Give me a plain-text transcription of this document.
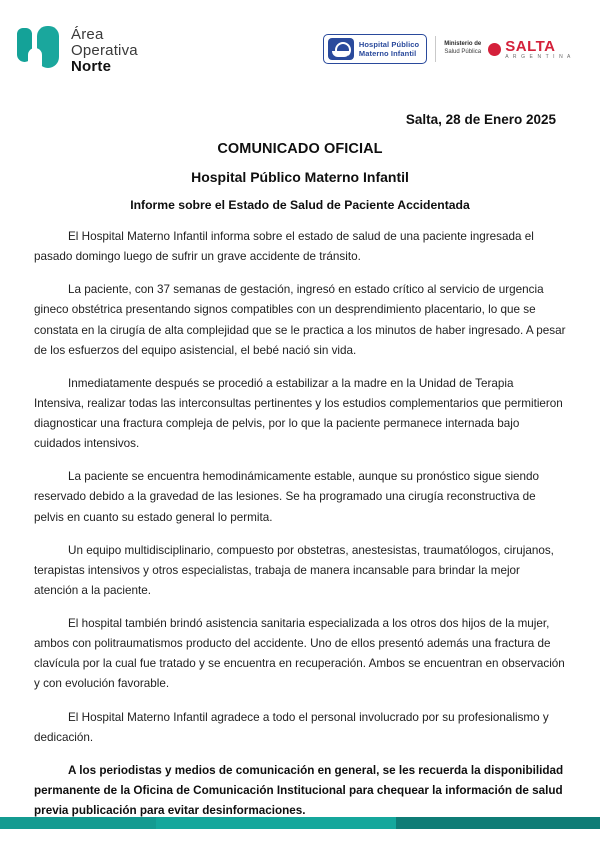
Área
Operativa
Norte
Hospital Público
Materno Infantil
Ministerio de
Salud Pública SALTA
A R G E N T I N A
Salta, 28 de Enero 2025
COMUNICADO OFICIAL
Hospital Público Materno Infantil
Informe sobre el Estado de Salud de Paciente Accidentada

El Hospital Materno Infantil informa sobre el estado de salud de una paciente ingresada el pasado domingo luego de sufrir un grave accidente de tránsito.

La paciente, con 37 semanas de gestación, ingresó en estado crítico al servicio de urgencia gineco obstétrica presentando signos compatibles con un desprendimiento placentario, lo que se constata en la cirugía de alta complejidad que se le practica a los minutos de haber ingresado. A pesar de los esfuerzos del equipo asistencial, el bebé nació sin vida.

Inmediatamente después se procedió a estabilizar a la madre en la Unidad de Terapia Intensiva, realizar todas las interconsultas pertinentes y los estudios complementarios que permitieron diagnosticar una fractura compleja de pelvis, por lo que la paciente permanece internada bajo cuidados intensivos.

La paciente se encuentra hemodinámicamente estable, aunque su pronóstico sigue siendo reservado debido a la gravedad de las lesiones. Se ha programado una cirugía reconstructiva de pelvis en cuanto su estado general lo permita.

Un equipo multidisciplinario, compuesto por obstetras, anestesistas, traumatólogos, cirujanos, terapistas intensivos y otros especialistas, trabaja de manera incansable para brindar la mejor atención a la paciente.

El hospital también brindó asistencia sanitaria especializada a los otros dos hijos de la mujer, ambos con politraumatismos producto del accidente. Uno de ellos presentó además una fractura de clavícula por la cual fue tratado y se encuentra en recuperación. Ambos se encuentran en observación y con evolución favorable.

El Hospital Materno Infantil agradece a todo el personal involucrado por su profesionalismo y dedicación.

A los periodistas y medios de comunicación en general, se les recuerda la disponibilidad permanente de la Oficina de Comunicación Institucional para chequear la información de salud previa publicación para evitar desinformaciones.
